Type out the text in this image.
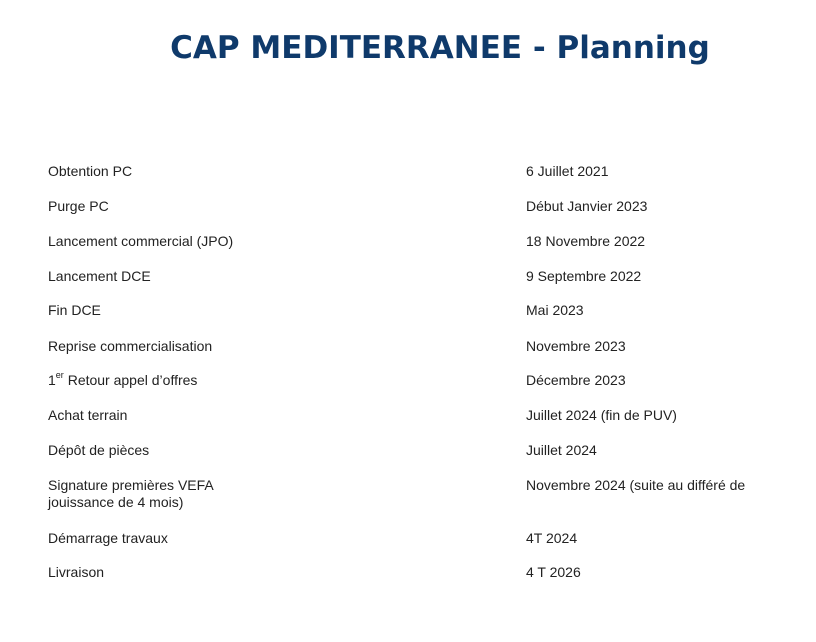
CAP MEDITERRANEE - Planning
Obtention PC	6 Juillet 2021
Purge PC	Début Janvier 2023
Lancement commercial (JPO)	18 Novembre 2022
Lancement DCE	9 Septembre 2022
Fin DCE	Mai 2023
Reprise commercialisation	Novembre 2023
1er Retour appel d’offres	Décembre 2023
Achat terrain	Juillet 2024 (fin de PUV)
Dépôt de pièces	Juillet 2024
Signature premières VEFA	Novembre 2024 (suite au différé de
jouissance de 4 mois)
Démarrage travaux	4T 2024
Livraison	4 T 2026
